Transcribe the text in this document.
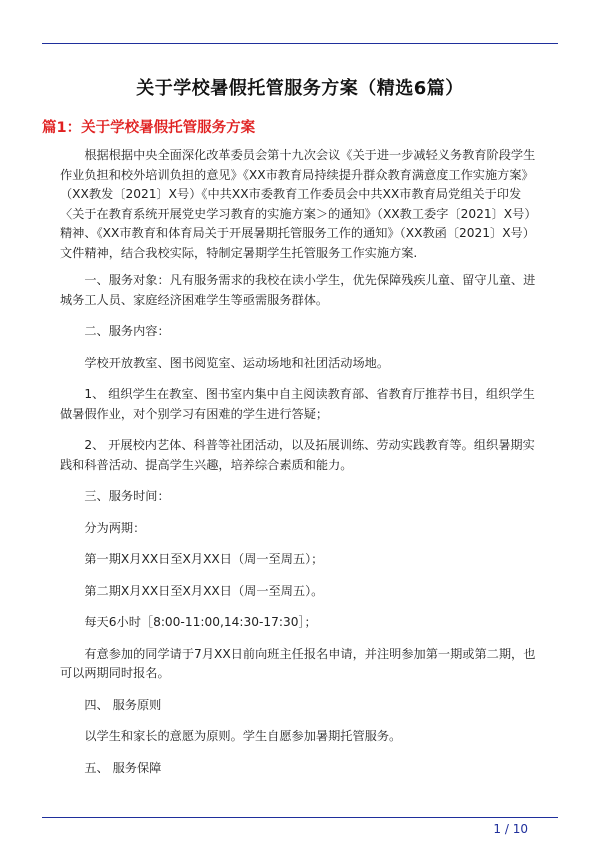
关于学校暑假托管服务方案（精选6篇）
篇1：关于学校暑假托管服务方案

　　根据根据中央全面深化改革委员会第十九次会议《关于进一步减轻义务教育阶段学生作业负担和校外培训负担的意见》《XX市教育局持续提升群众教育满意度工作实施方案》（XX教发〔2021〕X号）《中共XX市委教育工作委员会中共XX市教育局党组关于印发〈关于在教育系统开展党史学习教育的实施方案＞的通知》（XX教工委字〔2021〕X号）精神、《XX市教育和体育局关于开展暑期托管服务工作的通知》（XX教函〔2021〕X号）文件精神，结合我校实际，特制定暑期学生托管服务工作实施方案.

　　一、服务对象：凡有服务需求的我校在读小学生，优先保障残疾儿童、留守儿童、进城务工人员、家庭经济困难学生等亟需服务群体。

　　二、服务内容：

　　学校开放教室、图书阅览室、运动场地和社团活动场地。

　　1、 组织学生在教室、图书室内集中自主阅读教育部、省教育厅推荐书目，组织学生做暑假作业，对个别学习有困难的学生进行答疑；

　　2、 开展校内艺体、科普等社团活动，以及拓展训练、劳动实践教育等。组织暑期实践和科普活动、提高学生兴趣，培养综合素质和能力。

　　三、服务时间：

　　分为两期：

　　第一期X月XX日至X月XX日（周一至周五）；

　　第二期X月XX日至X月XX日（周一至周五）。

　　每天6小时［8:00-11:00,14:30-17:30］；

　　有意参加的同学请于7月XX日前向班主任报名申请，并注明参加第一期或第二期，也可以两期同时报名。

　　四、 服务原则

　　以学生和家长的意愿为原则。学生自愿参加暑期托管服务。

　　五、 服务保障

1 / 10
